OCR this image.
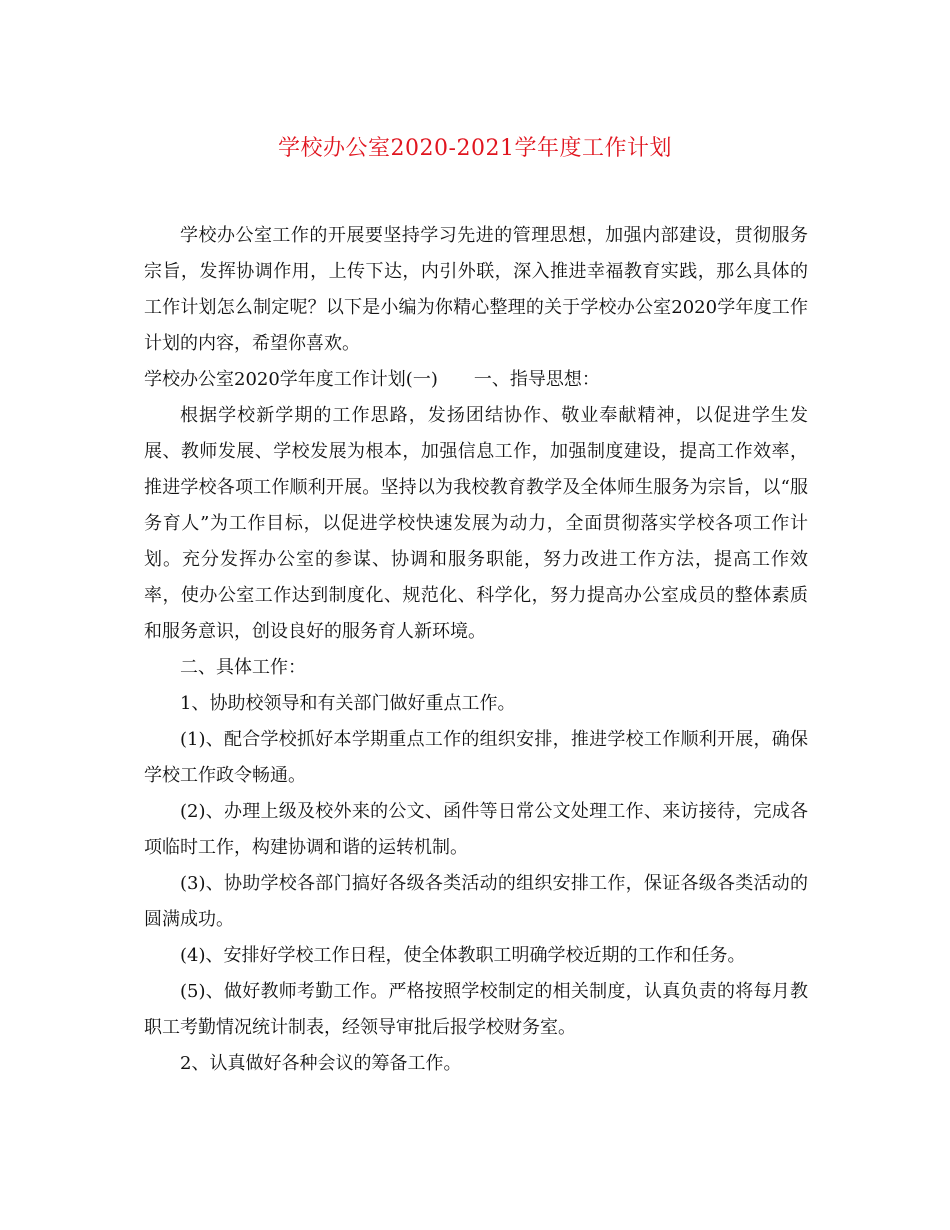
学校办公室2020-2021学年度工作计划

学校办公室工作的开展要坚持学习先进的管理思想，加强内部建设，贯彻服务宗旨，发挥协调作用，上传下达，内引外联，深入推进幸福教育实践，那么具体的工作计划怎么制定呢？以下是小编为你精心整理的关于学校办公室2020学年度工作计划的内容，希望你喜欢。

学校办公室2020学年度工作计划(一)　　一、指导思想：

根据学校新学期的工作思路，发扬团结协作、敬业奉献精神，以促进学生发展、教师发展、学校发展为根本，加强信息工作，加强制度建设，提高工作效率，推进学校各项工作顺利开展。坚持以为我校教育教学及全体师生服务为宗旨，以“服务育人”为工作目标，以促进学校快速发展为动力，全面贯彻落实学校各项工作计划。充分发挥办公室的参谋、协调和服务职能，努力改进工作方法，提高工作效率，使办公室工作达到制度化、规范化、科学化，努力提高办公室成员的整体素质和服务意识，创设良好的服务育人新环境。

二、具体工作：

1、协助校领导和有关部门做好重点工作。

(1)、配合学校抓好本学期重点工作的组织安排，推进学校工作顺利开展，确保学校工作政令畅通。

(2)、办理上级及校外来的公文、函件等日常公文处理工作、来访接待，完成各项临时工作，构建协调和谐的运转机制。

(3)、协助学校各部门搞好各级各类活动的组织安排工作，保证各级各类活动的圆满成功。

(4)、安排好学校工作日程，使全体教职工明确学校近期的工作和任务。

(5)、做好教师考勤工作。严格按照学校制定的相关制度，认真负责的将每月教职工考勤情况统计制表，经领导审批后报学校财务室。

2、认真做好各种会议的筹备工作。
